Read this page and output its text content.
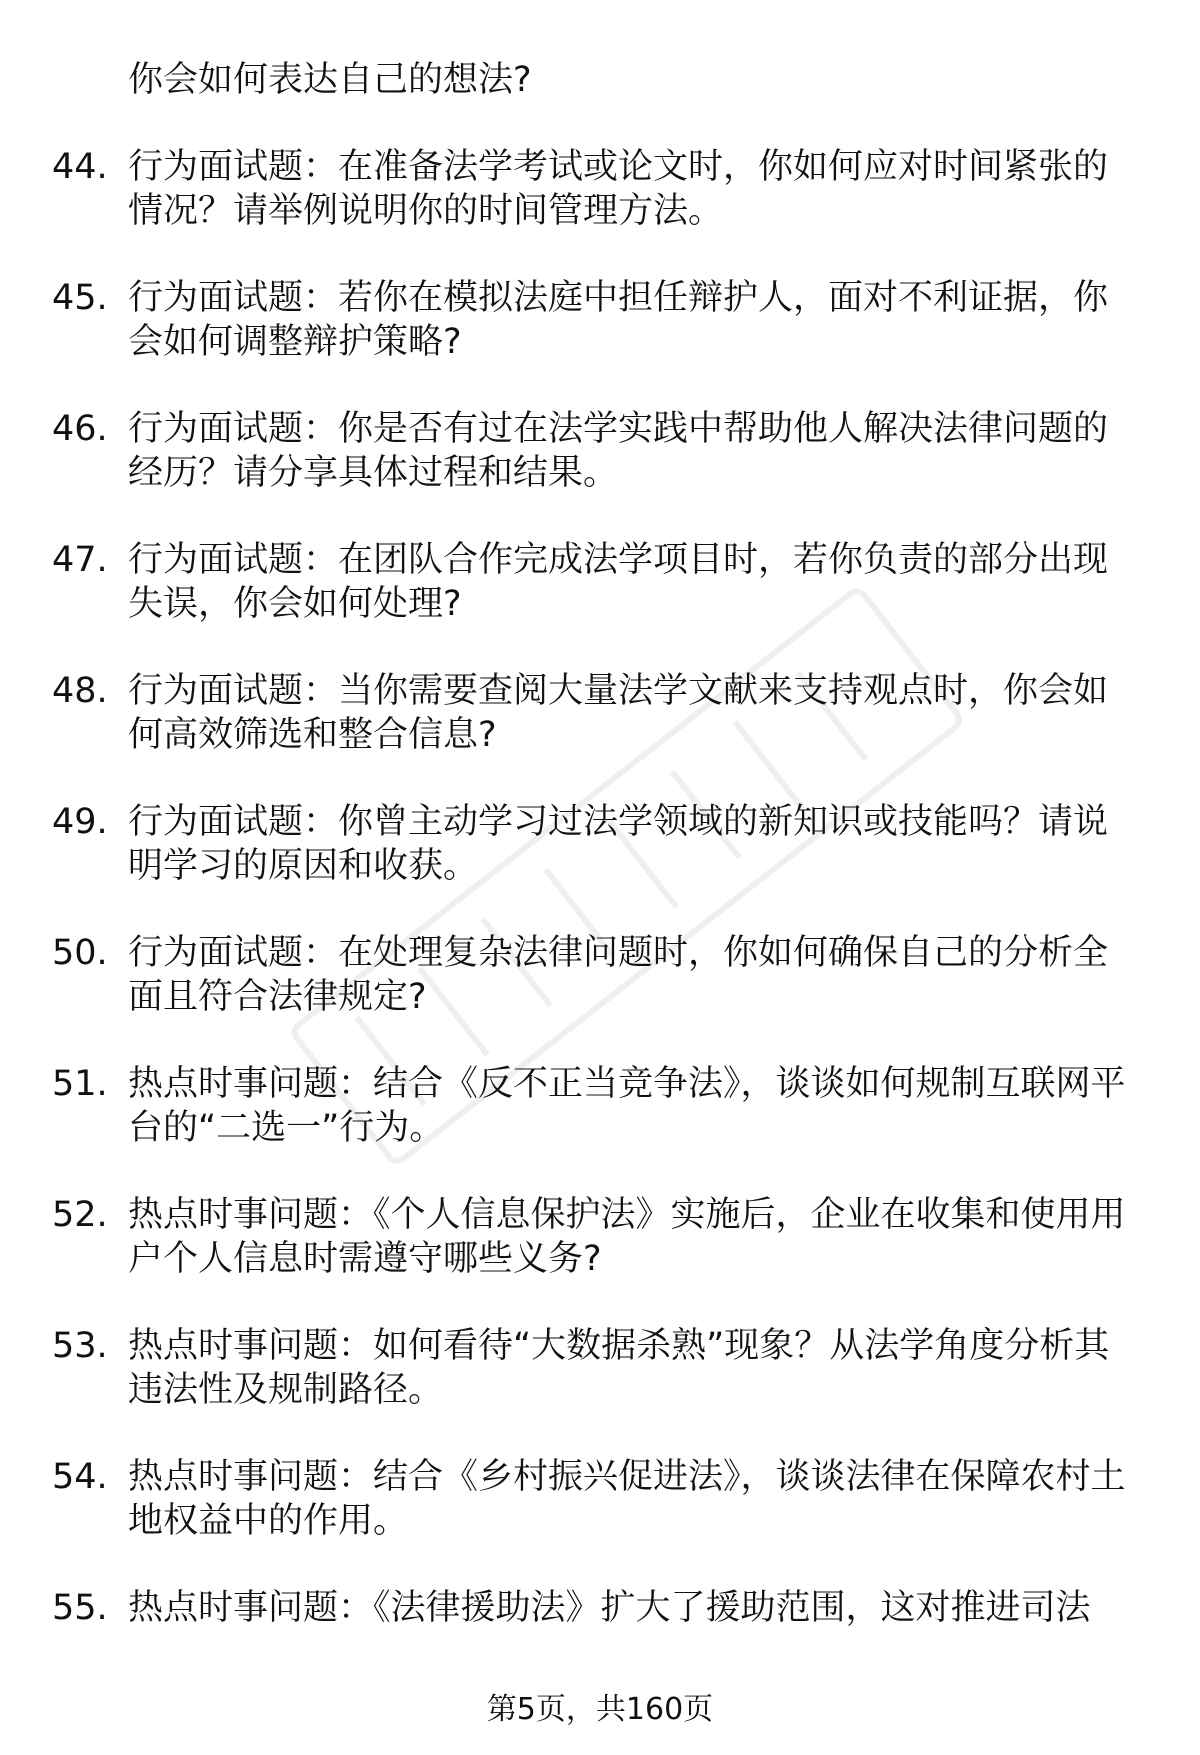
你会如何表达自己的想法?
44. 行为面试题：在准备法学考试或论文时，你如何应对时间紧张的情况？请举例说明你的时间管理方法。
45. 行为面试题：若你在模拟法庭中担任辩护人，面对不利证据，你会如何调整辩护策略?
46. 行为面试题：你是否有过在法学实践中帮助他人解决法律问题的经历？请分享具体过程和结果。
47. 行为面试题：在团队合作完成法学项目时，若你负责的部分出现失误，你会如何处理?
48. 行为面试题：当你需要查阅大量法学文献来支持观点时，你会如何高效筛选和整合信息?
49. 行为面试题：你曾主动学习过法学领域的新知识或技能吗？请说明学习的原因和收获。
50. 行为面试题：在处理复杂法律问题时，你如何确保自己的分析全面且符合法律规定?
51. 热点时事问题：结合《反不正当竞争法》，谈谈如何规制互联网平台的“二选一”行为。
52. 热点时事问题：《个人信息保护法》实施后，企业在收集和使用用户个人信息时需遵守哪些义务?
53. 热点时事问题：如何看待“大数据杀熟”现象？从法学角度分析其违法性及规制路径。
54. 热点时事问题：结合《乡村振兴促进法》，谈谈法律在保障农村土地权益中的作用。
55. 热点时事问题：《法律援助法》扩大了援助范围，这对推进司法
第5页，共160页
